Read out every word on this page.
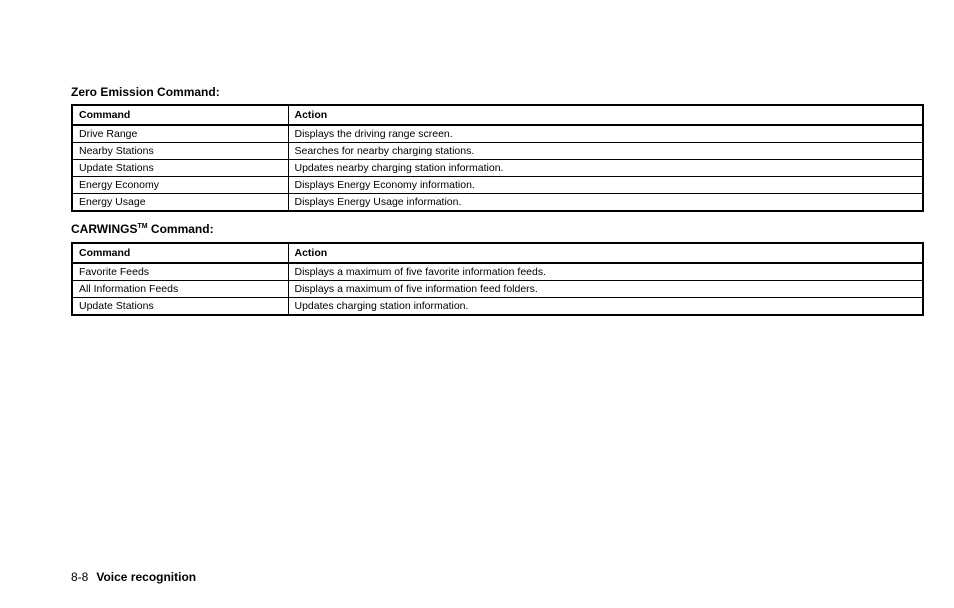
Zero Emission Command:
Command	Action
Drive Range	Displays the driving range screen.
Nearby Stations	Searches for nearby charging stations.
Update Stations	Updates nearby charging station information.
Energy Economy	Displays Energy Economy information.
Energy Usage	Displays Energy Usage information.
CARWINGS™ Command:
Command	Action
Favorite Feeds	Displays a maximum of five favorite information feeds.
All Information Feeds	Displays a maximum of five information feed folders.
Update Stations	Updates charging station information.
8-8 Voice recognition
